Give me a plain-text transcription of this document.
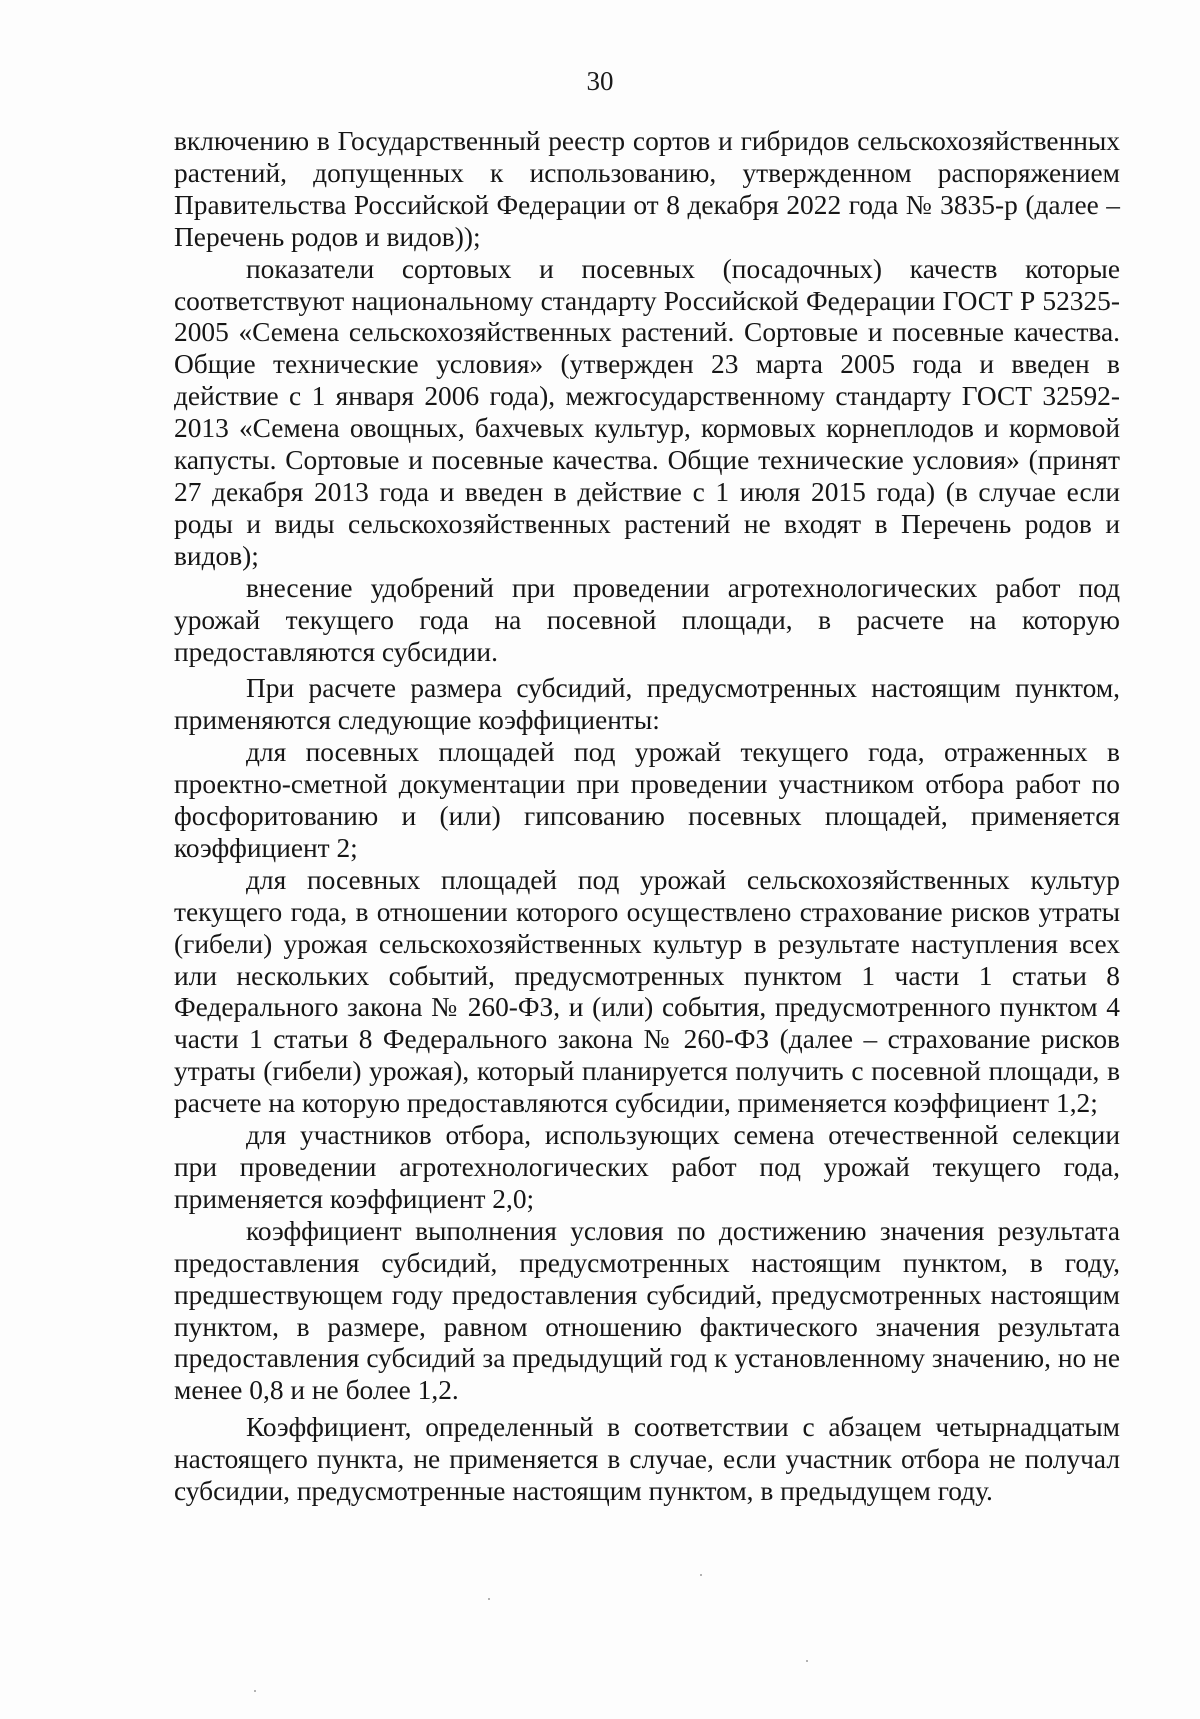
30

включению в Государственный реестр сортов и гибридов сельскохозяйственных растений, допущенных к использованию, утвержденном распоряжением Правительства Российской Федерации от 8 декабря 2022 года № 3835-р (далее – Перечень родов и видов));

показатели сортовых и посевных (посадочных) качеств которые соответствуют национальному стандарту Российской Федерации ГОСТ Р 52325-2005 «Семена сельскохозяйственных растений. Сортовые и посевные качества. Общие технические условия» (утвержден 23 марта 2005 года и введен в действие с 1 января 2006 года), межгосударственному стандарту ГОСТ 32592-2013 «Семена овощных, бахчевых культур, кормовых корнеплодов и кормовой капусты. Сортовые и посевные качества. Общие технические условия» (принят 27 декабря 2013 года и введен в действие с 1 июля 2015 года) (в случае если роды и виды сельскохозяйственных растений не входят в Перечень родов и видов);

внесение удобрений при проведении агротехнологических работ под урожай текущего года на посевной площади, в расчете на которую предоставляются субсидии.

При расчете размера субсидий, предусмотренных настоящим пунктом, применяются следующие коэффициенты:

для посевных площадей под урожай текущего года, отраженных в проектно-сметной документации при проведении участником отбора работ по фосфоритованию и (или) гипсованию посевных площадей, применяется коэффициент 2;

для посевных площадей под урожай сельскохозяйственных культур текущего года, в отношении которого осуществлено страхование рисков утраты (гибели) урожая сельскохозяйственных культур в результате наступления всех или нескольких событий, предусмотренных пунктом 1 части 1 статьи 8 Федерального закона № 260-ФЗ, и (или) события, предусмотренного пунктом 4 части 1 статьи 8 Федерального закона № 260-ФЗ (далее – страхование рисков утраты (гибели) урожая), который планируется получить с посевной площади, в расчете на которую предоставляются субсидии, применяется коэффициент 1,2;

для участников отбора, использующих семена отечественной селекции при проведении агротехнологических работ под урожай текущего года, применяется коэффициент 2,0;

коэффициент выполнения условия по достижению значения результата предоставления субсидий, предусмотренных настоящим пунктом, в году, предшествующем году предоставления субсидий, предусмотренных настоящим пунктом, в размере, равном отношению фактического значения результата предоставления субсидий за предыдущий год к установленному значению, но не менее 0,8 и не более 1,2.

Коэффициент, определенный в соответствии с абзацем четырнадцатым настоящего пункта, не применяется в случае, если участник отбора не получал субсидии, предусмотренные настоящим пунктом, в предыдущем году.
